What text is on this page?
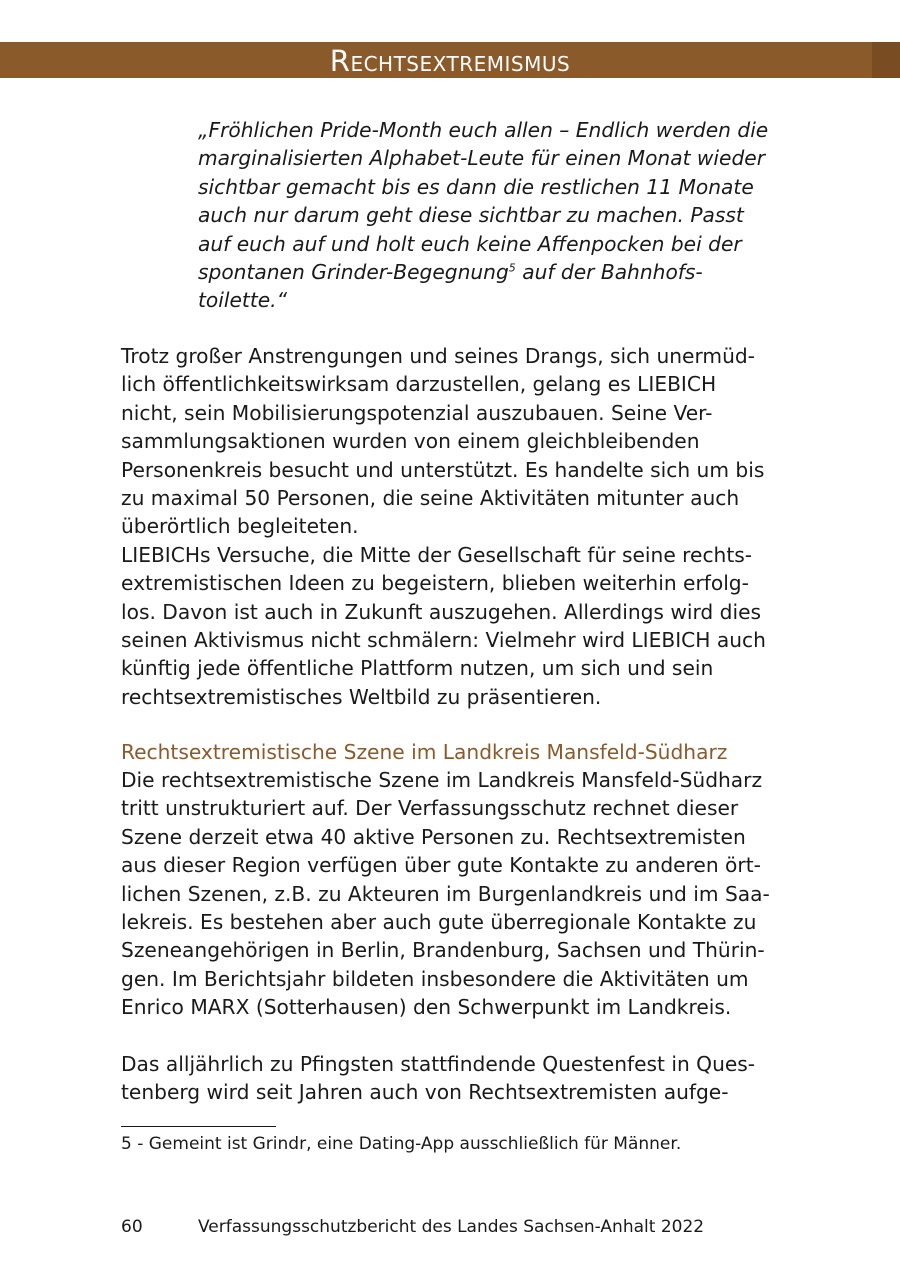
Rechtsextremismus

„Fröhlichen Pride-Month euch allen – Endlich werden die
marginalisierten Alphabet-Leute für einen Monat wieder
sichtbar gemacht bis es dann die restlichen 11 Monate
auch nur darum geht diese sichtbar zu machen. Passt
auf euch auf und holt euch keine Affenpocken bei der
spontanen Grinder-Begegnung$^5$ auf der Bahnhofs-
toilette.“

Trotz großer Anstrengungen und seines Drangs, sich unermüd-
lich öffentlichkeitswirksam darzustellen, gelang es LIEBICH
nicht, sein Mobilisierungspotenzial auszubauen. Seine Ver-
sammlungsaktionen wurden von einem gleichbleibenden
Personenkreis besucht und unterstützt. Es handelte sich um bis
zu maximal 50 Personen, die seine Aktivitäten mitunter auch
überörtlich begleiteten.
LIEBICHs Versuche, die Mitte der Gesellschaft für seine rechts-
extremistischen Ideen zu begeistern, blieben weiterhin erfolg-
los. Davon ist auch in Zukunft auszugehen. Allerdings wird dies
seinen Aktivismus nicht schmälern: Vielmehr wird LIEBICH auch
künftig jede öffentliche Plattform nutzen, um sich und sein
rechtsextremistisches Weltbild zu präsentieren.

Rechtsextremistische Szene im Landkreis Mansfeld-Südharz

Die rechtsextremistische Szene im Landkreis Mansfeld-Südharz
tritt unstrukturiert auf. Der Verfassungsschutz rechnet dieser
Szene derzeit etwa 40 aktive Personen zu. Rechtsextremisten
aus dieser Region verfügen über gute Kontakte zu anderen ört-
lichen Szenen, z.B. zu Akteuren im Burgenlandkreis und im Saa-
lekreis. Es bestehen aber auch gute überregionale Kontakte zu
Szeneangehörigen in Berlin, Brandenburg, Sachsen und Thürin-
gen. Im Berichtsjahr bildeten insbesondere die Aktivitäten um
Enrico MARX (Sotterhausen) den Schwerpunkt im Landkreis.

Das alljährlich zu Pfingsten stattfindende Questenfest in Ques-
tenberg wird seit Jahren auch von Rechtsextremisten aufge-

5 - Gemeint ist Grindr, eine Dating-App ausschließlich für Männer.

60	Verfassungsschutzbericht des Landes Sachsen-Anhalt 2022
